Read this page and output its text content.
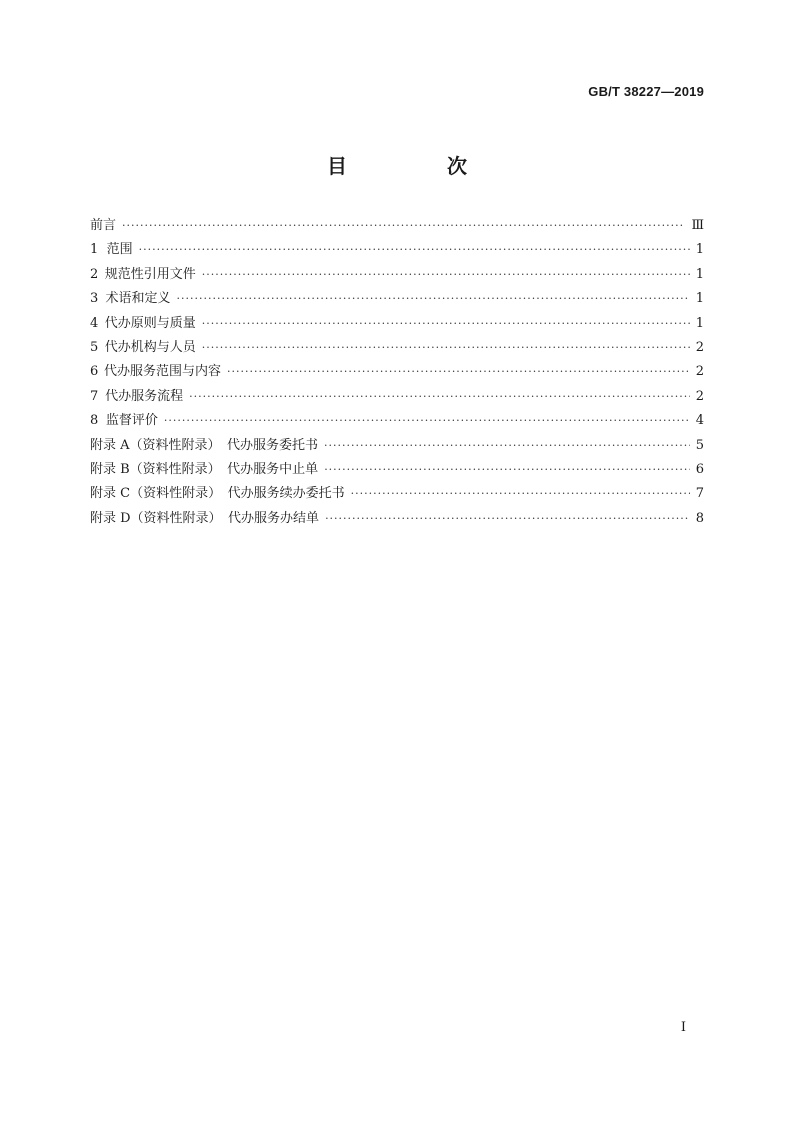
GB/T 38227—2019
目　次
前言 ·····	Ⅲ
1 范围 ·····	1
2 规范性引用文件 ·····	1
3 术语和定义 ·····	1
4 代办原则与质量 ·····	1
5 代办机构与人员 ·····	2
6 代办服务范围与内容 ·····	2
7 代办服务流程 ·····	2
8 监督评价 ·····	4
附录 A（资料性附录）　代办服务委托书 ·····	5
附录 B（资料性附录）　代办服务中止单 ·····	6
附录 C（资料性附录）　代办服务续办委托书 ·····	7
附录 D（资料性附录）　代办服务办结单 ·····	8
I
